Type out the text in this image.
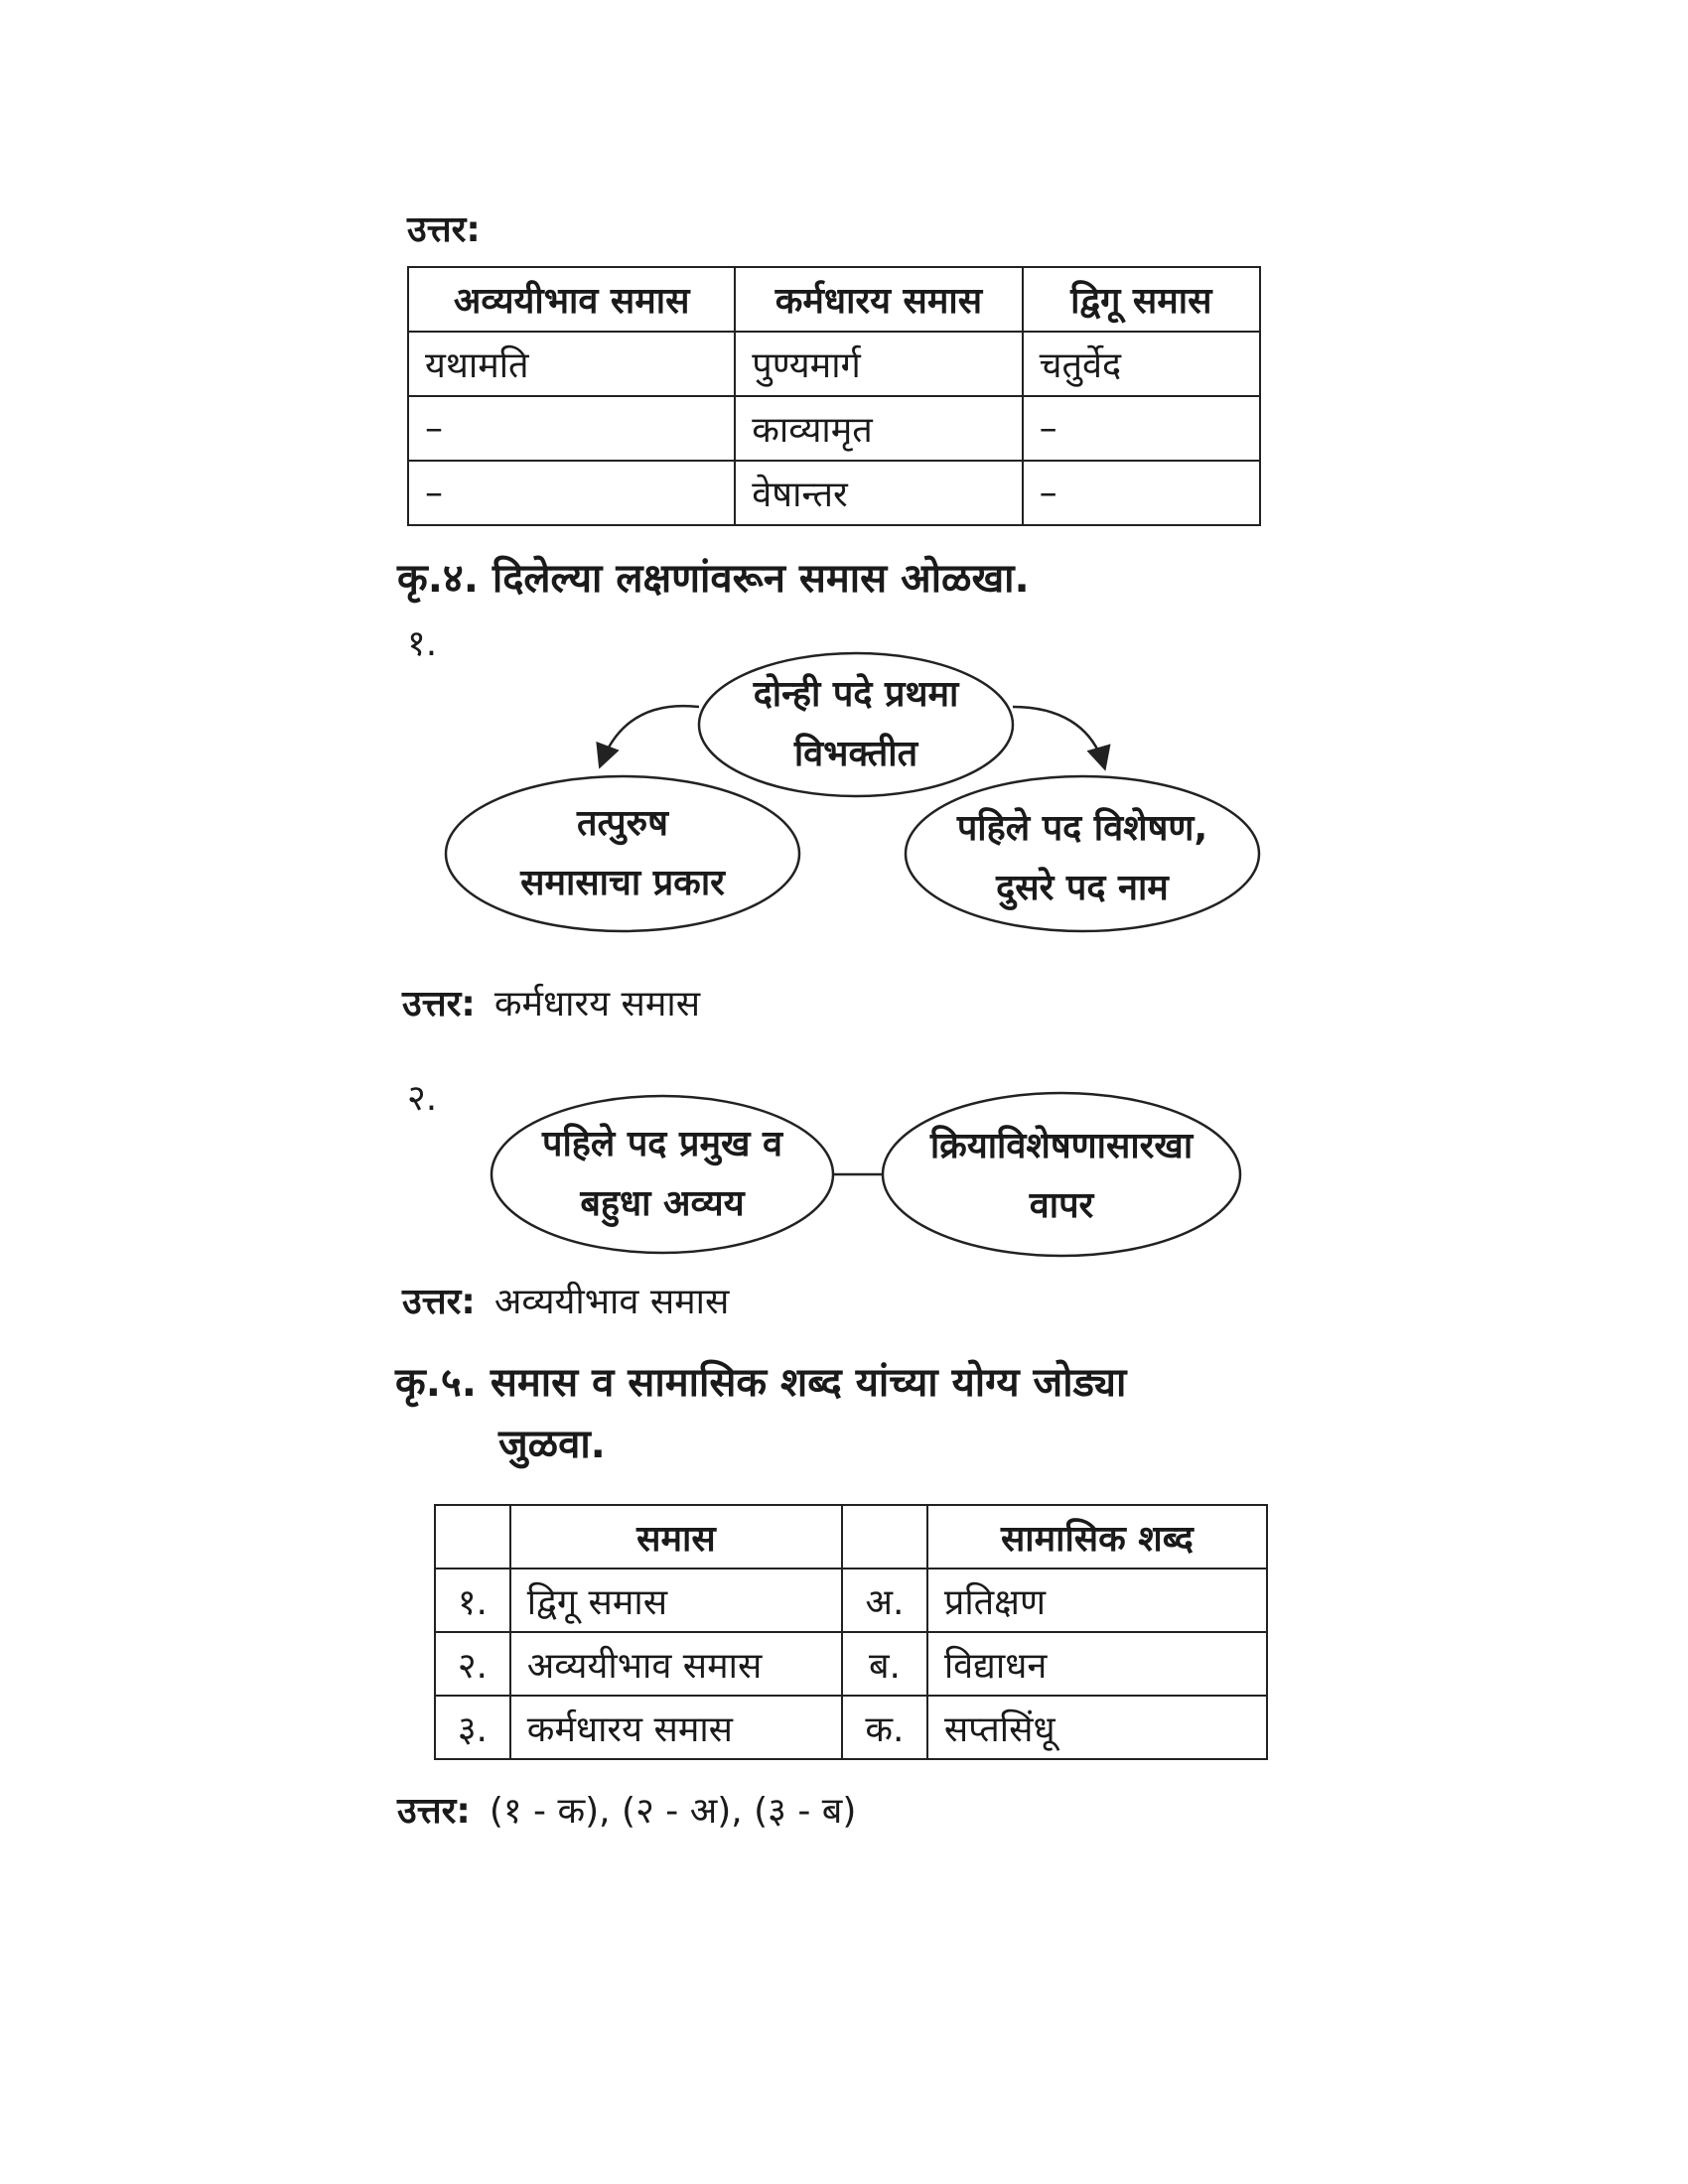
उत्तर:
अव्ययीभाव समास	कर्मधारय समास	द्विगू समास
यथामति	पुण्यमार्ग	चतुर्वेद
–	काव्यामृत	–
–	वेषान्तर	–
कृ.४. दिलेल्या लक्षणांवरून समास ओळखा.
१.
दोन्ही पदे प्रथमा
विभक्तीत
तत्पुरुष
समासाचा प्रकार
पहिले पद विशेषण,
दुसरे पद नाम
उत्तर: कर्मधारय समास
२.
पहिले पद प्रमुख व
बहुधा अव्यय
क्रियाविशेषणासारखा
वापर
उत्तर: अव्ययीभाव समास
कृ.५. समास व सामासिक शब्द यांच्या योग्य जोड्या
जुळवा.
	समास		सामासिक शब्द
१.	द्विगू समास	अ.	प्रतिक्षण
२.	अव्ययीभाव समास	ब.	विद्याधन
३.	कर्मधारय समास	क.	सप्तसिंधू
उत्तर: (१ - क), (२ - अ), (३ - ब)
